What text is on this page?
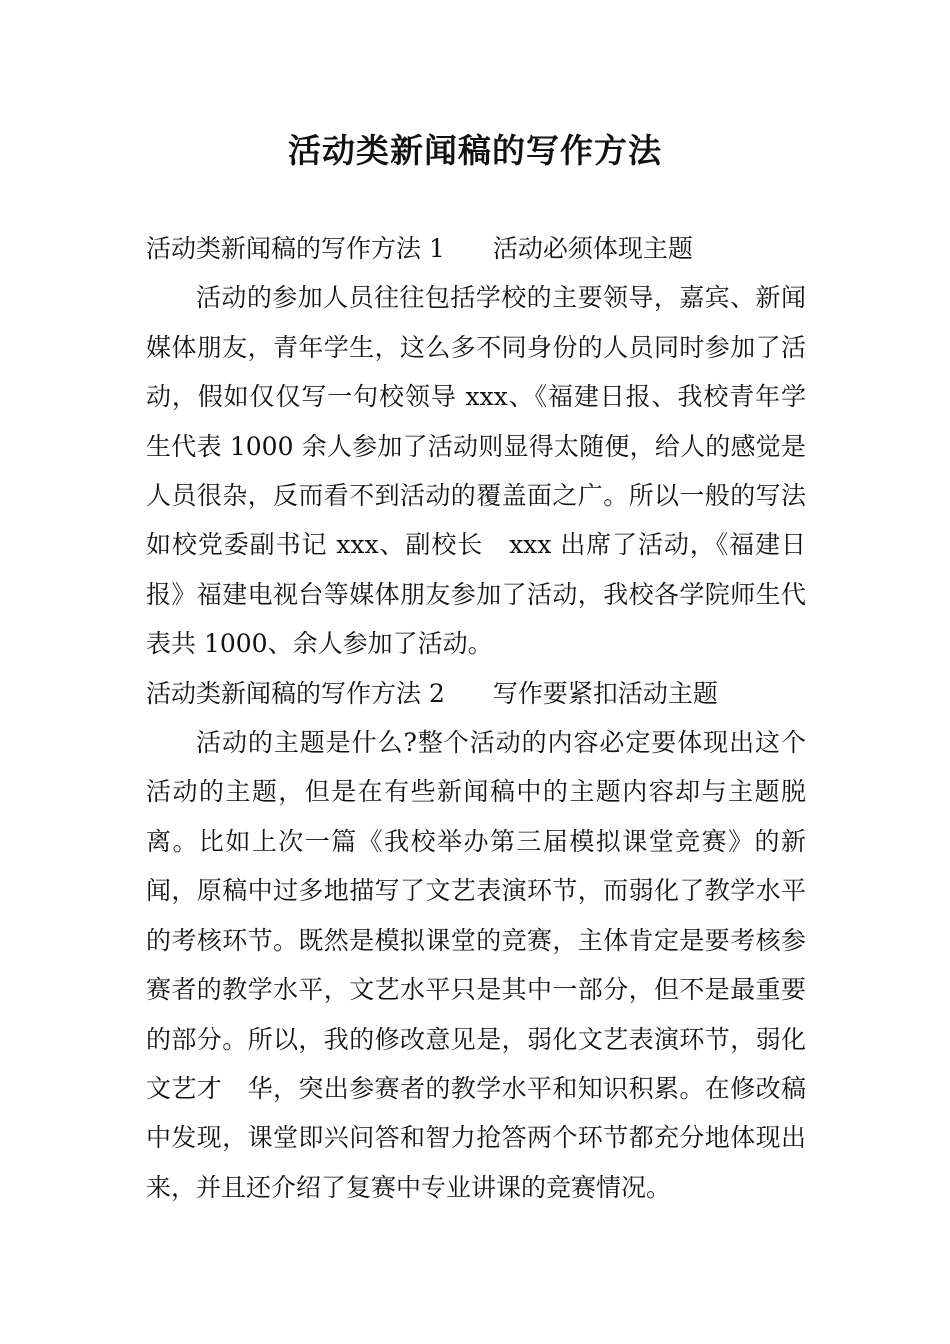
活动类新闻稿的写作方法

活动类新闻稿的写作方法 1 活动必须体现主题

活动的参加人员往往包括学校的主要领导，嘉宾、新闻媒体朋友，青年学生，这么多不同身份的人员同时参加了活动，假如仅仅写一句校领导 xxx、《福建日报、我校青年学生代表 1000 余人参加了活动则显得太随便，给人的感觉是人员很杂，反而看不到活动的覆盖面之广。所以一般的写法如校党委副书记 xxx、副校长　xxx 出席了活动，《福建日报》福建电视台等媒体朋友参加了活动，我校各学院师生代表共 1000、余人参加了活动。

活动类新闻稿的写作方法 2 写作要紧扣活动主题

活动的主题是什么?整个活动的内容必定要体现出这个活动的主题，但是在有些新闻稿中的主题内容却与主题脱离。比如上次一篇《我校举办第三届模拟课堂竞赛》的新闻，原稿中过多地描写了文艺表演环节，而弱化了教学水平的考核环节。既然是模拟课堂的竞赛，主体肯定是要考核参赛者的教学水平，文艺水平只是其中一部分，但不是最重要的部分。所以，我的修改意见是，弱化文艺表演环节，弱化文艺才　华，突出参赛者的教学水平和知识积累。在修改稿中发现，课堂即兴问答和智力抢答两个环节都充分地体现出来，并且还介绍了复赛中专业讲课的竞赛情况。
